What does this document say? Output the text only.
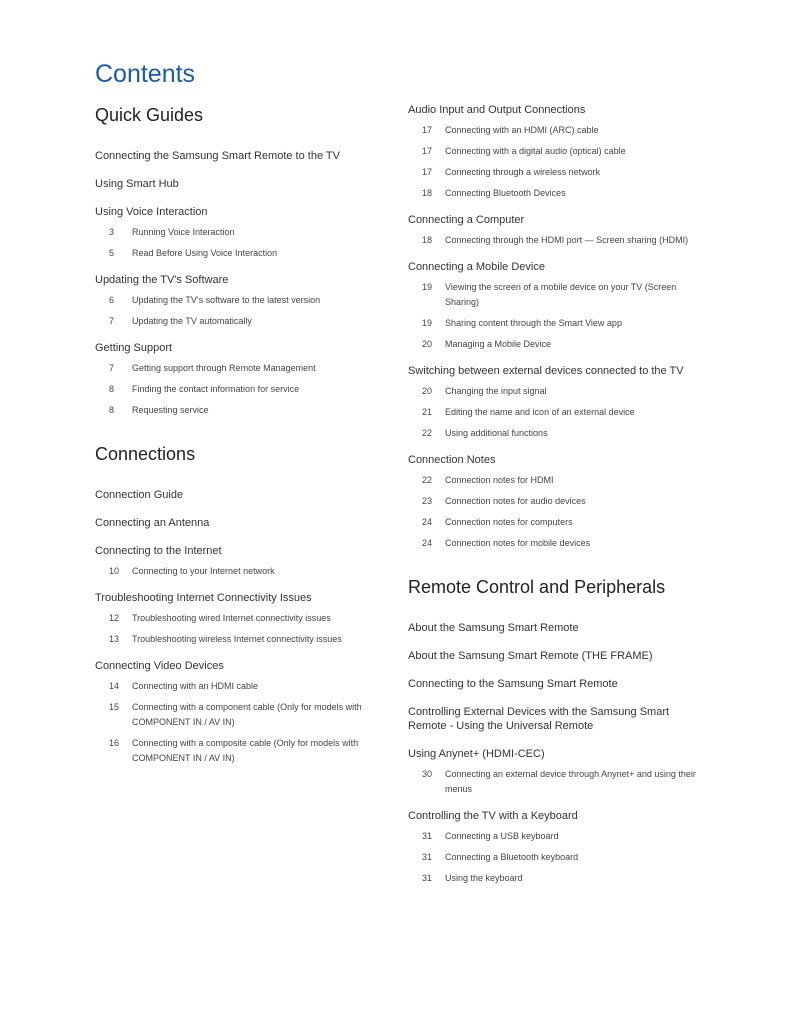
Contents
Quick Guides
Connecting the Samsung Smart Remote to the TV
Using Smart Hub
Using Voice Interaction
3	Running Voice Interaction
5	Read Before Using Voice Interaction
Updating the TV's Software
6	Updating the TV's software to the latest version
7	Updating the TV automatically
Getting Support
7	Getting support through Remote Management
8	Finding the contact information for service
8	Requesting service
Connections
Connection Guide
Connecting an Antenna
Connecting to the Internet
10	Connecting to your Internet network
Troubleshooting Internet Connectivity Issues
12	Troubleshooting wired Internet connectivity issues
13	Troubleshooting wireless Internet connectivity issues
Connecting Video Devices
14	Connecting with an HDMI cable
15	Connecting with a component cable (Only for models with COMPONENT IN / AV IN)
16	Connecting with a composite cable (Only for models with COMPONENT IN / AV IN)
Audio Input and Output Connections
17	Connecting with an HDMI (ARC) cable
17	Connecting with a digital audio (optical) cable
17	Connecting through a wireless network
18	Connecting Bluetooth Devices
Connecting a Computer
18	Connecting through the HDMI port — Screen sharing (HDMI)
Connecting a Mobile Device
19	Viewing the screen of a mobile device on your TV (Screen Sharing)
19	Sharing content through the Smart View app
20	Managing a Mobile Device
Switching between external devices connected to the TV
20	Changing the input signal
21	Editing the name and icon of an external device
22	Using additional functions
Connection Notes
22	Connection notes for HDMI
23	Connection notes for audio devices
24	Connection notes for computers
24	Connection notes for mobile devices
Remote Control and Peripherals
About the Samsung Smart Remote
About the Samsung Smart Remote (THE FRAME)
Connecting to the Samsung Smart Remote
Controlling External Devices with the Samsung Smart Remote - Using the Universal Remote
Using Anynet+ (HDMI-CEC)
30	Connecting an external device through Anynet+ and using their menus
Controlling the TV with a Keyboard
31	Connecting a USB keyboard
31	Connecting a Bluetooth keyboard
31	Using the keyboard
